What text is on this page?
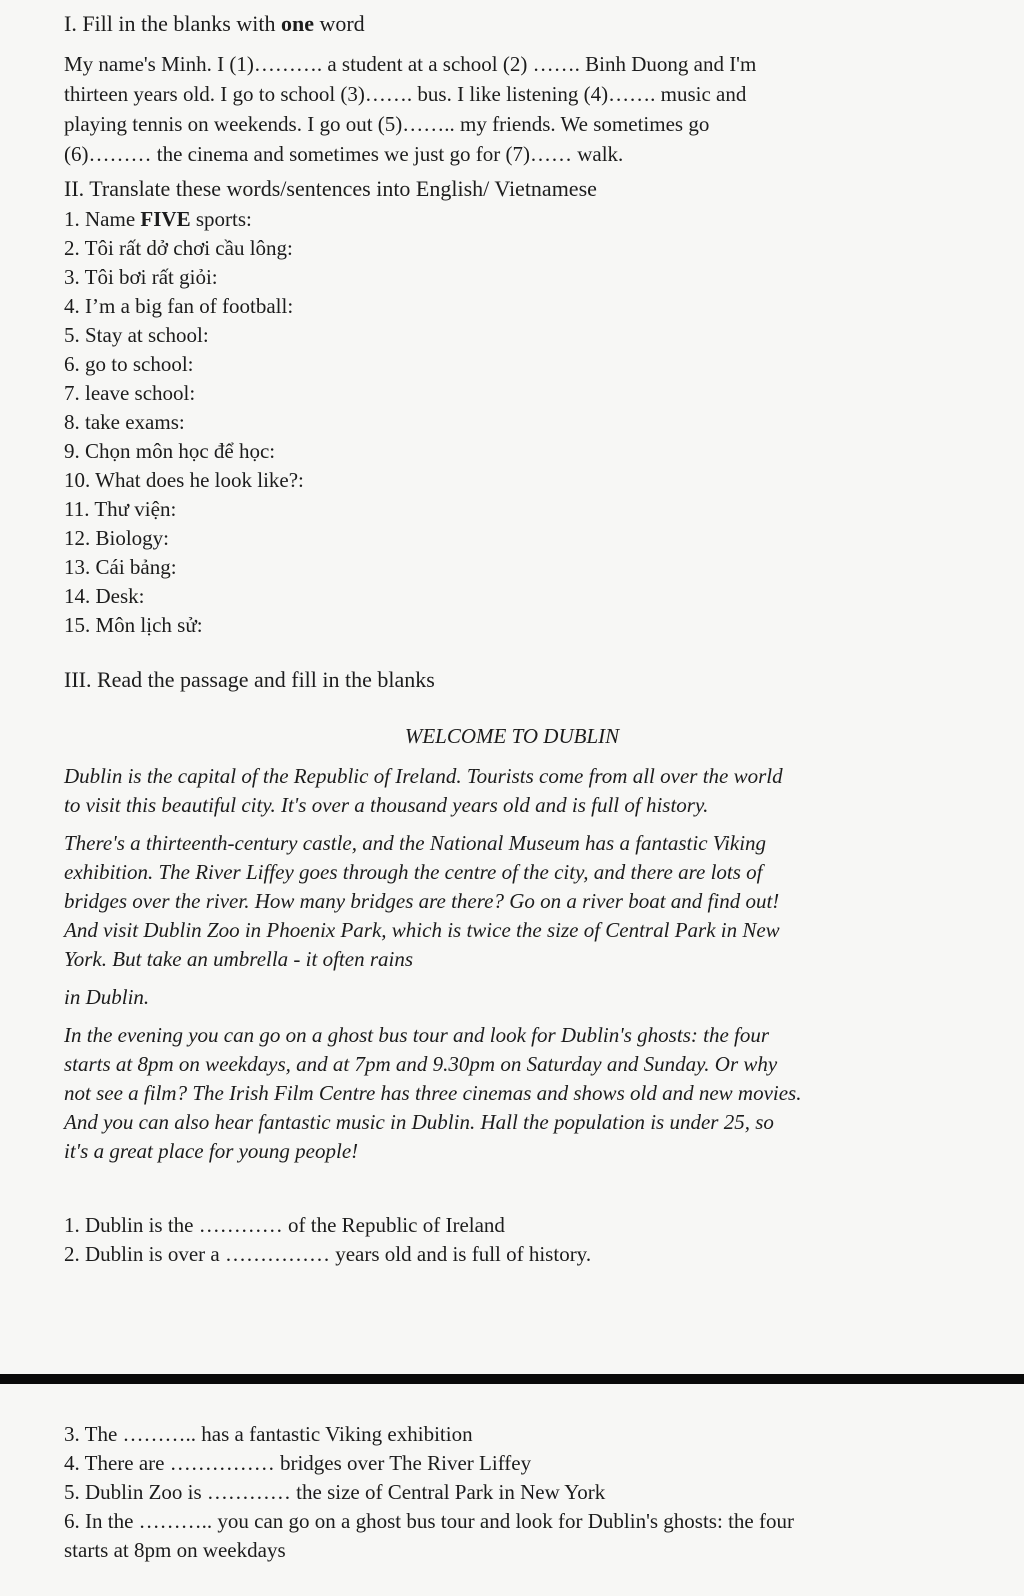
I. Fill in the blanks with one word
My name's Minh. I (1)………. a student at a school (2) ……. Binh Duong and I'm
thirteen years old. I go to school (3)……. bus. I like listening (4)……. music and
playing tennis on weekends. I go out (5)…….. my friends. We sometimes go
(6)……… the cinema and sometimes we just go for (7)…… walk.
II. Translate these words/sentences into English/ Vietnamese
1. Name FIVE sports:
2. Tôi rất dở chơi cầu lông:
3. Tôi bơi rất giỏi:
4. I’m a big fan of football:
5. Stay at school:
6. go to school:
7. leave school:
8. take exams:
9. Chọn môn học để học:
10. What does he look like?:
11. Thư viện:
12. Biology:
13. Cái bảng:
14. Desk:
15. Môn lịch sử:
III. Read the passage and fill in the blanks
WELCOME TO DUBLIN
Dublin is the capital of the Republic of Ireland. Tourists come from all over the world
to visit this beautiful city. It's over a thousand years old and is full of history.
There's a thirteenth-century castle, and the National Museum has a fantastic Viking
exhibition. The River Liffey goes through the centre of the city, and there are lots of
bridges over the river. How many bridges are there? Go on a river boat and find out!
And visit Dublin Zoo in Phoenix Park, which is twice the size of Central Park in New
York. But take an umbrella - it often rains
in Dublin.
In the evening you can go on a ghost bus tour and look for Dublin's ghosts: the four
starts at 8pm on weekdays, and at 7pm and 9.30pm on Saturday and Sunday. Or why
not see a film? The Irish Film Centre has three cinemas and shows old and new movies.
And you can also hear fantastic music in Dublin. Hall the population is under 25, so
it's a great place for young people!
1. Dublin is the ………… of the Republic of Ireland
2. Dublin is over a …………… years old and is full of history.
3. The ……….. has a fantastic Viking exhibition
4. There are …………… bridges over The River Liffey
5. Dublin Zoo is ………… the size of Central Park in New York
6. In the ……….. you can go on a ghost bus tour and look for Dublin's ghosts: the four
starts at 8pm on weekdays
